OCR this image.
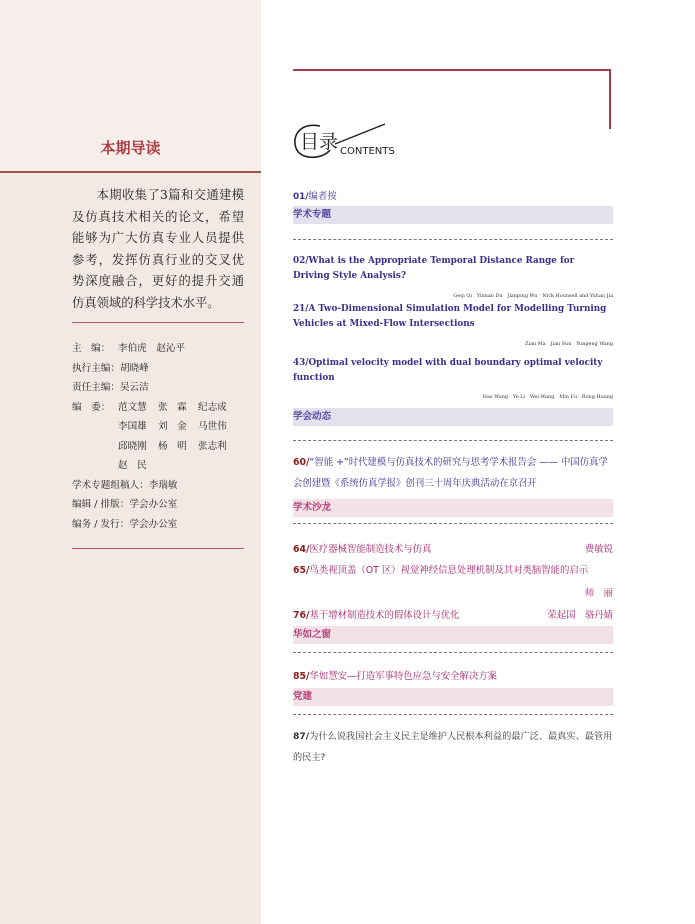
本期导读

本期收集了3篇和交通建模及仿真技术相关的论文，希望能够为广大仿真专业人员提供参考，发挥仿真行业的交叉优势深度融合，更好的提升交通仿真领域的科学技术水平。

主　编： 李伯虎　赵沁平
执行主编： 胡晓峰
责任主编： 吴云洁
编　委： 范文慧	张　霖	纪志成
李国雄	刘　金	马世伟
邱晓刚	杨　明	张志利
赵　民
学术专题组稿人： 李瑞敏
编辑 / 排版： 学会办公室
编务 / 发行： 学会办公室
目录 C ONTENTS
01/编者按
学术专题
02/What is the Appropriate Temporal Distance Range for Driving Style Analysis?
Geqi Qi　Yinnan Du　Jianping Wu　Nick Hounsell and Yuhan Jia
21/A Two-Dimensional Simulation Model for Modelling Turning Vehicles at Mixed-Flow Intersections
Zian Ma　Jian Sun　Yunpeng Wang
43/Optimal velocity model with dual boundary optimal velocity function
Hao Wang　Ye Li　Wei Wang　Min Fu　Rong Huang
学会动态
60/“智能 +”时代建模与仿真技术的研究与思考学术报告会 —— 中国仿真学会创建暨《系统仿真学报》创刊三十周年庆典活动在京召开
学术沙龙
64/医疗器械智能制造技术与仿真	费敏锐
65/鸟类视顶盖（OT 区）视觉神经信息处理机制及其对类脑智能的启示
师　丽
76/基于增材制造技术的假体设计与优化	荣起国　骆丹婧
华如之窗
85/华如慧安—打造军事特色应急与安全解决方案
党建
87/为什么说我国社会主义民主是维护人民根本利益的最广泛、最真实、最管用的民主?
